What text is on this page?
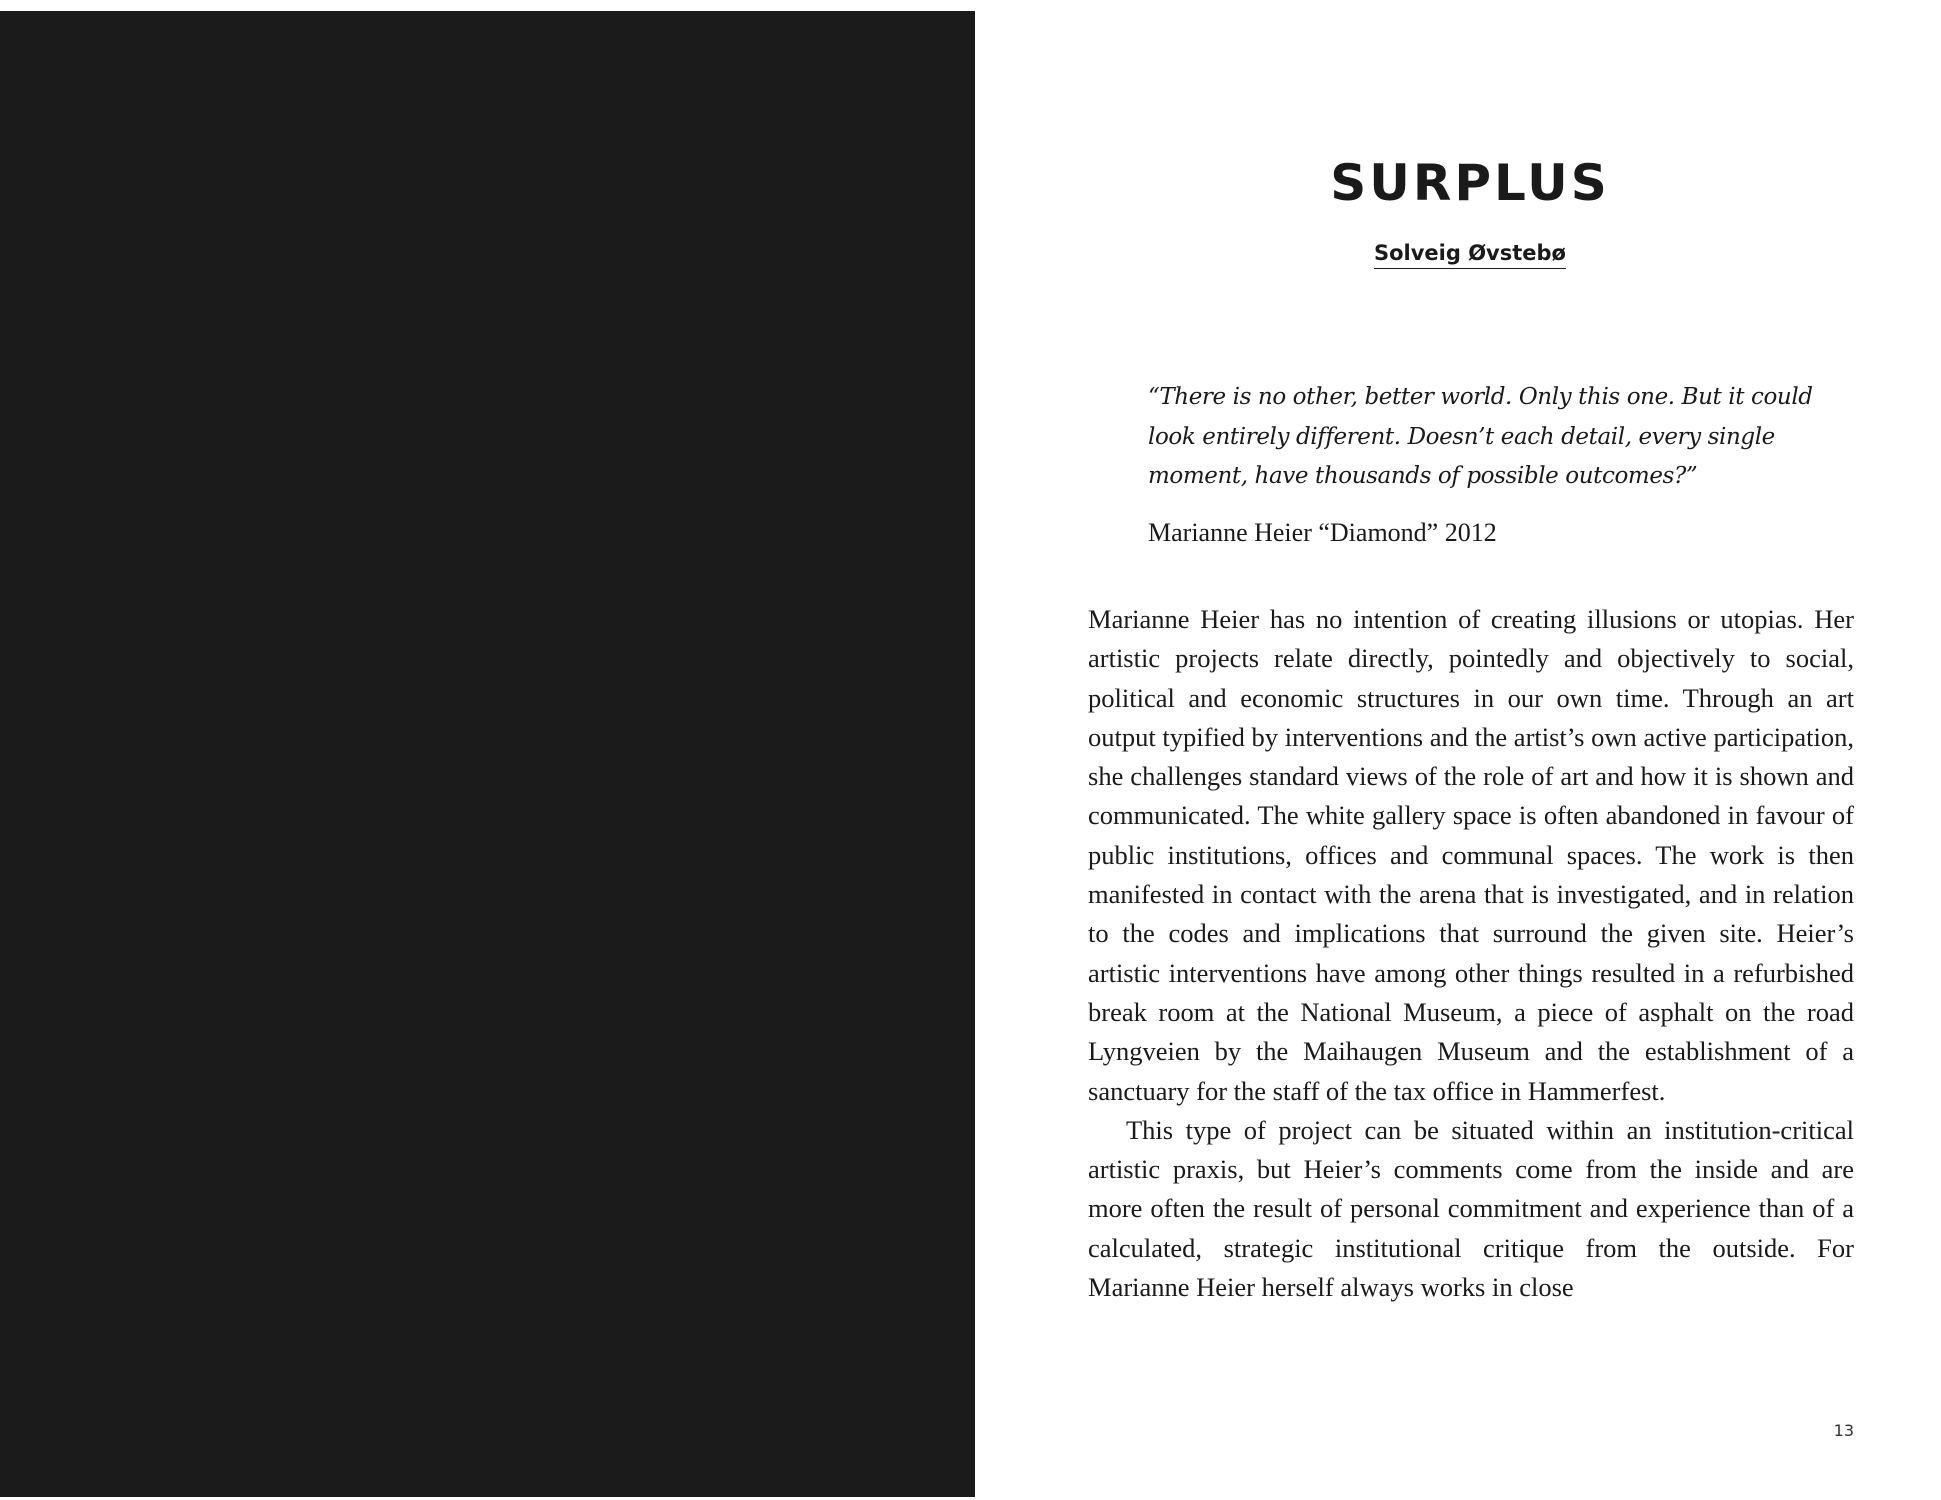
SURPLUS
Solveig Øvstebø
“There is no other, better world. Only this one. But it could look entirely different. Doesn’t each detail, every single moment, have thousands of possible outcomes?”
Marianne Heier “Diamond” 2012

Marianne Heier has no intention of creating illusions or utopias. Her artistic projects relate directly, pointedly and objectively to social, political and economic structures in our own time. Through an art output typified by interventions and the artist’s own active participation, she challenges standard views of the role of art and how it is shown and communicated. The white gallery space is often abandoned in favour of public institutions, offices and communal spaces. The work is then manifested in contact with the arena that is investigated, and in relation to the codes and implications that surround the given site. Heier’s artistic interventions have among other things resulted in a refurbished break room at the National Museum, a piece of asphalt on the road Lyngveien by the Maihaugen Museum and the establishment of a sanctuary for the staff of the tax office in Hammerfest.

This type of project can be situated within an institution-critical artistic praxis, but Heier’s comments come from the inside and are more often the result of personal commitment and experience than of a calculated, strategic institutional critique from the outside. For Marianne Heier herself always works in close

13
